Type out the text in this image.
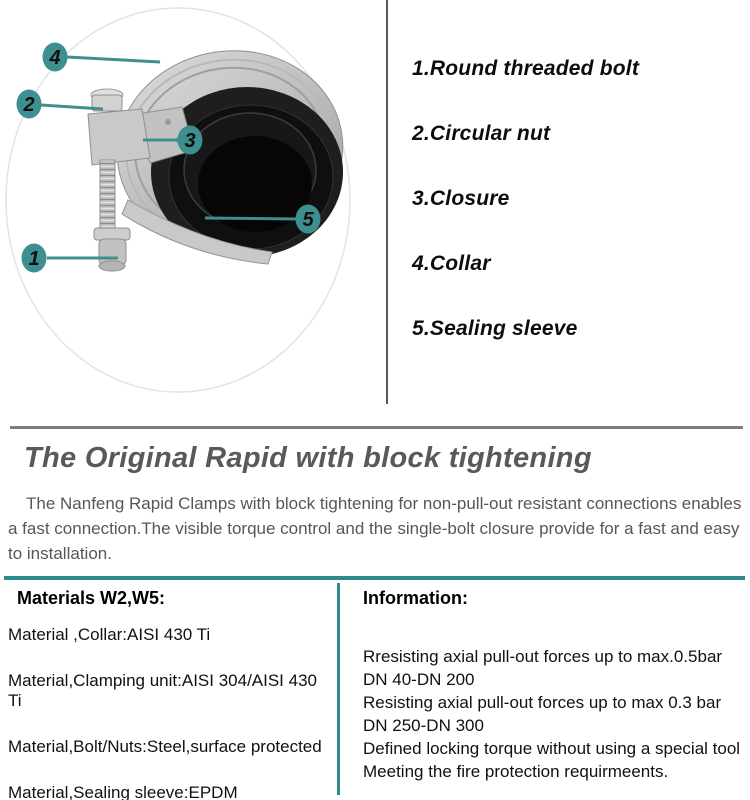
4
2
3
5
1
1.Round threaded bolt
2.Circular nut
3.Closure
4.Collar
5.Sealing sleeve
The Original Rapid with block tightening
The Nanfeng Rapid Clamps with block tightening for non-pull-out resistant connections enables
a fast connection.The visible torque control and the single-bolt closure provide for a fast and easy
to installation.
Materials W2,W5:
Material ,Collar:AISI 430 Ti
Material,Clamping unit:AISI 304/AISI 430 Ti
Material,Bolt/Nuts:Steel,surface protected
Material,Sealing sleeve:EPDM
Information:
Rresisting axial pull-out forces up to max.0.5bar
DN 40-DN 200
Resisting axial pull-out forces up to max 0.3 bar
DN 250-DN 300
Defined locking torque without using a special tool
Meeting the fire protection requirmeents.
